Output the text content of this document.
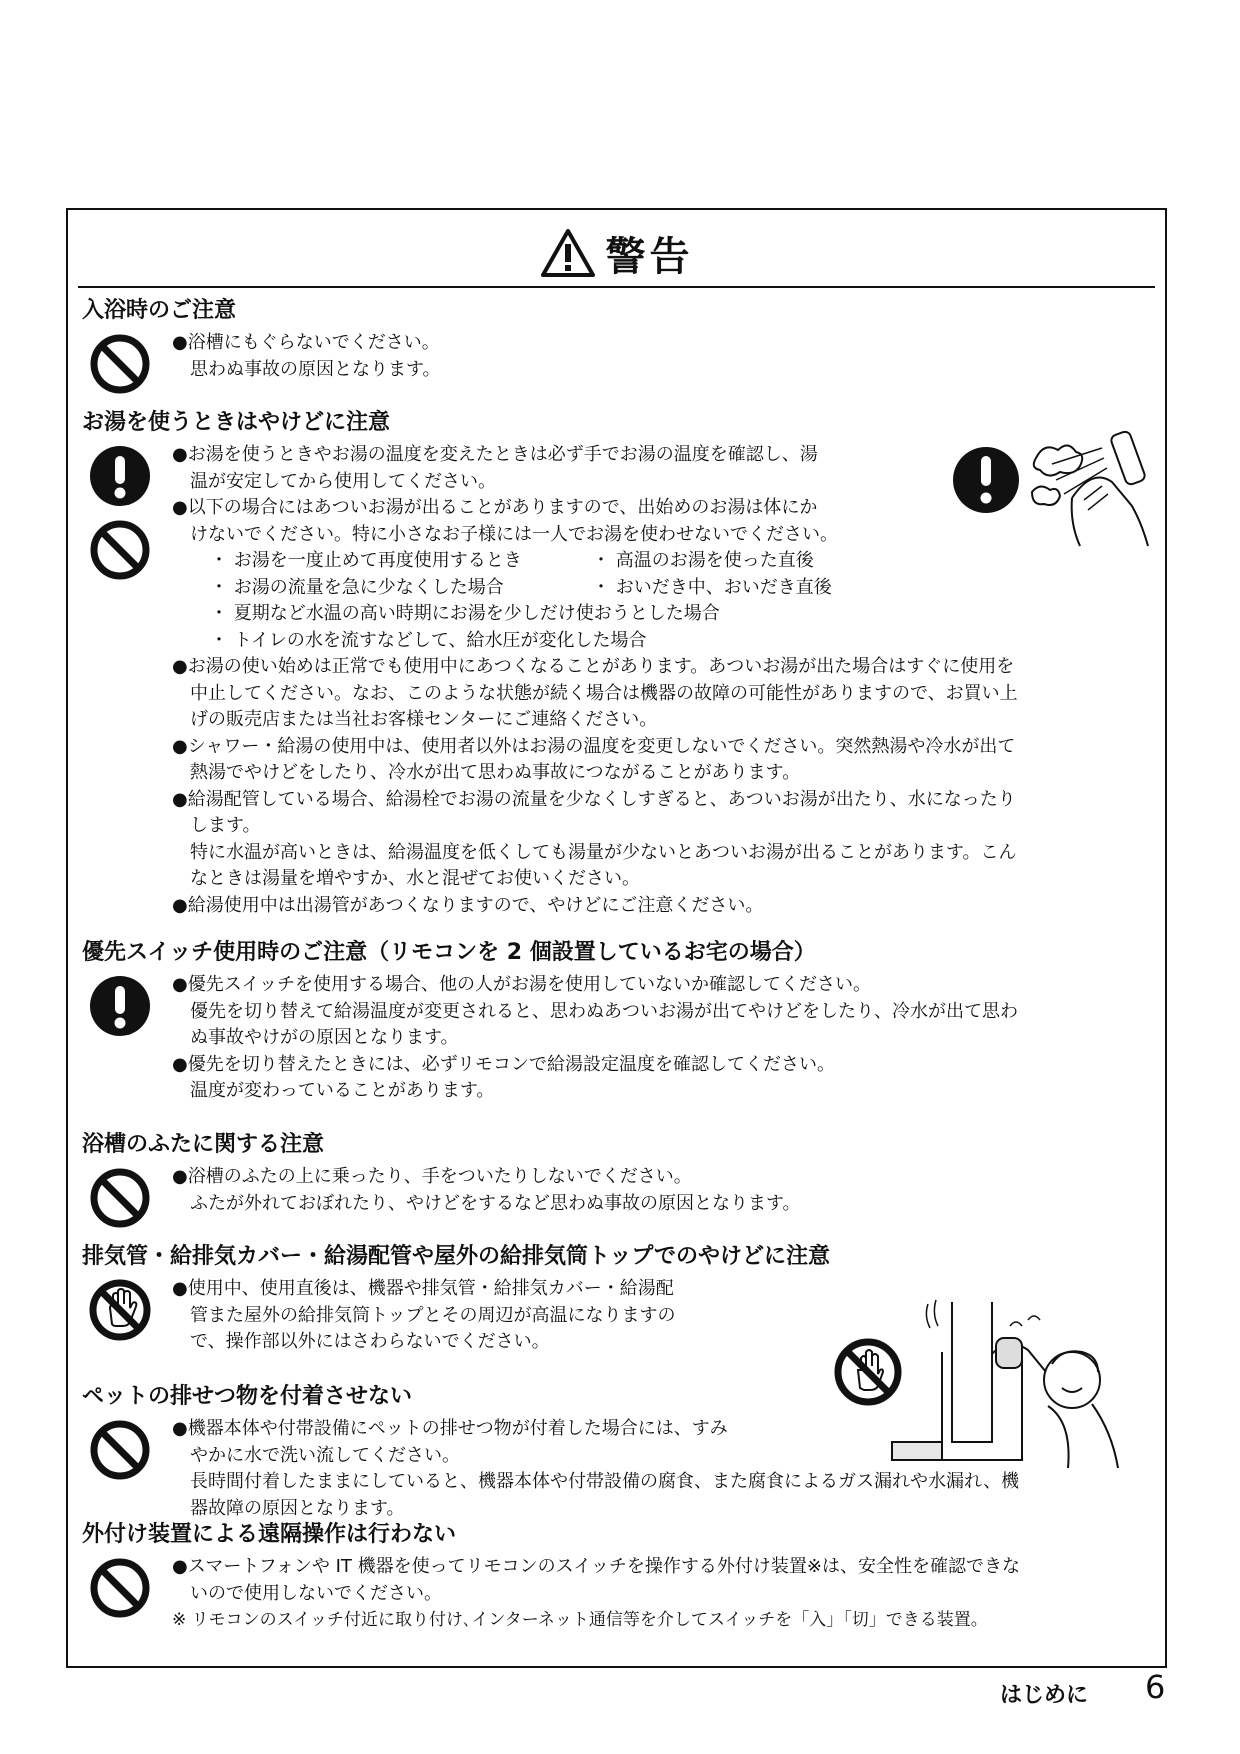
警告

入浴時のご注意

●浴槽にもぐらないでください。
思わぬ事故の原因となります。

お湯を使うときはやけどに注意

●お湯を使うときやお湯の温度を変えたときは必ず手でお湯の温度を確認し、湯
温が安定してから使用してください。
●以下の場合にはあついお湯が出ることがありますので、出始めのお湯は体にか
けないでください。特に小さなお子様には一人でお湯を使わせないでください。
・ お湯を一度止めて再度使用するとき	・ 高温のお湯を使った直後
・ お湯の流量を急に少なくした場合	・ おいだき中、おいだき直後
・ 夏期など水温の高い時期にお湯を少しだけ使おうとした場合
・ トイレの水を流すなどして、給水圧が変化した場合
●お湯の使い始めは正常でも使用中にあつくなることがあります。あついお湯が出た場合はすぐに使用を
中止してください。なお、このような状態が続く場合は機器の故障の可能性がありますので、お買い上
げの販売店または当社お客様センターにご連絡ください。
●シャワー・給湯の使用中は、使用者以外はお湯の温度を変更しないでください。突然熱湯や冷水が出て
熱湯でやけどをしたり、冷水が出て思わぬ事故につながることがあります。
●給湯配管している場合、給湯栓でお湯の流量を少なくしすぎると、あついお湯が出たり、水になったり
します。
特に水温が高いときは、給湯温度を低くしても湯量が少ないとあついお湯が出ることがあります。こん
なときは湯量を増やすか、水と混ぜてお使いください。
●給湯使用中は出湯管があつくなりますので、やけどにご注意ください。

優先スイッチ使用時のご注意（リモコンを 2 個設置しているお宅の場合）

●優先スイッチを使用する場合、他の人がお湯を使用していないか確認してください。
優先を切り替えて給湯温度が変更されると、思わぬあついお湯が出てやけどをしたり、冷水が出て思わ
ぬ事故やけがの原因となります。
●優先を切り替えたときには、必ずリモコンで給湯設定温度を確認してください。
温度が変わっていることがあります。

浴槽のふたに関する注意

●浴槽のふたの上に乗ったり、手をついたりしないでください。
ふたが外れておぼれたり、やけどをするなど思わぬ事故の原因となります。

排気管・給排気カバー・給湯配管や屋外の給排気筒トップでのやけどに注意

●使用中、使用直後は、機器や排気管・給排気カバー・給湯配
管また屋外の給排気筒トップとその周辺が高温になりますの
で、操作部以外にはさわらないでください。

ペットの排せつ物を付着させない

●機器本体や付帯設備にペットの排せつ物が付着した場合には、すみ
やかに水で洗い流してください。
長時間付着したままにしていると、機器本体や付帯設備の腐食、また腐食によるガス漏れや水漏れ、機
器故障の原因となります。

外付け装置による遠隔操作は行わない

●スマートフォンや IT 機器を使ってリモコンのスイッチを操作する外付け装置※は、安全性を確認できな
いので使用しないでください。
※ リモコンのスイッチ付近に取り付け､インターネット通信等を介してスイッチを「入」「切」できる装置。
はじめに 6
